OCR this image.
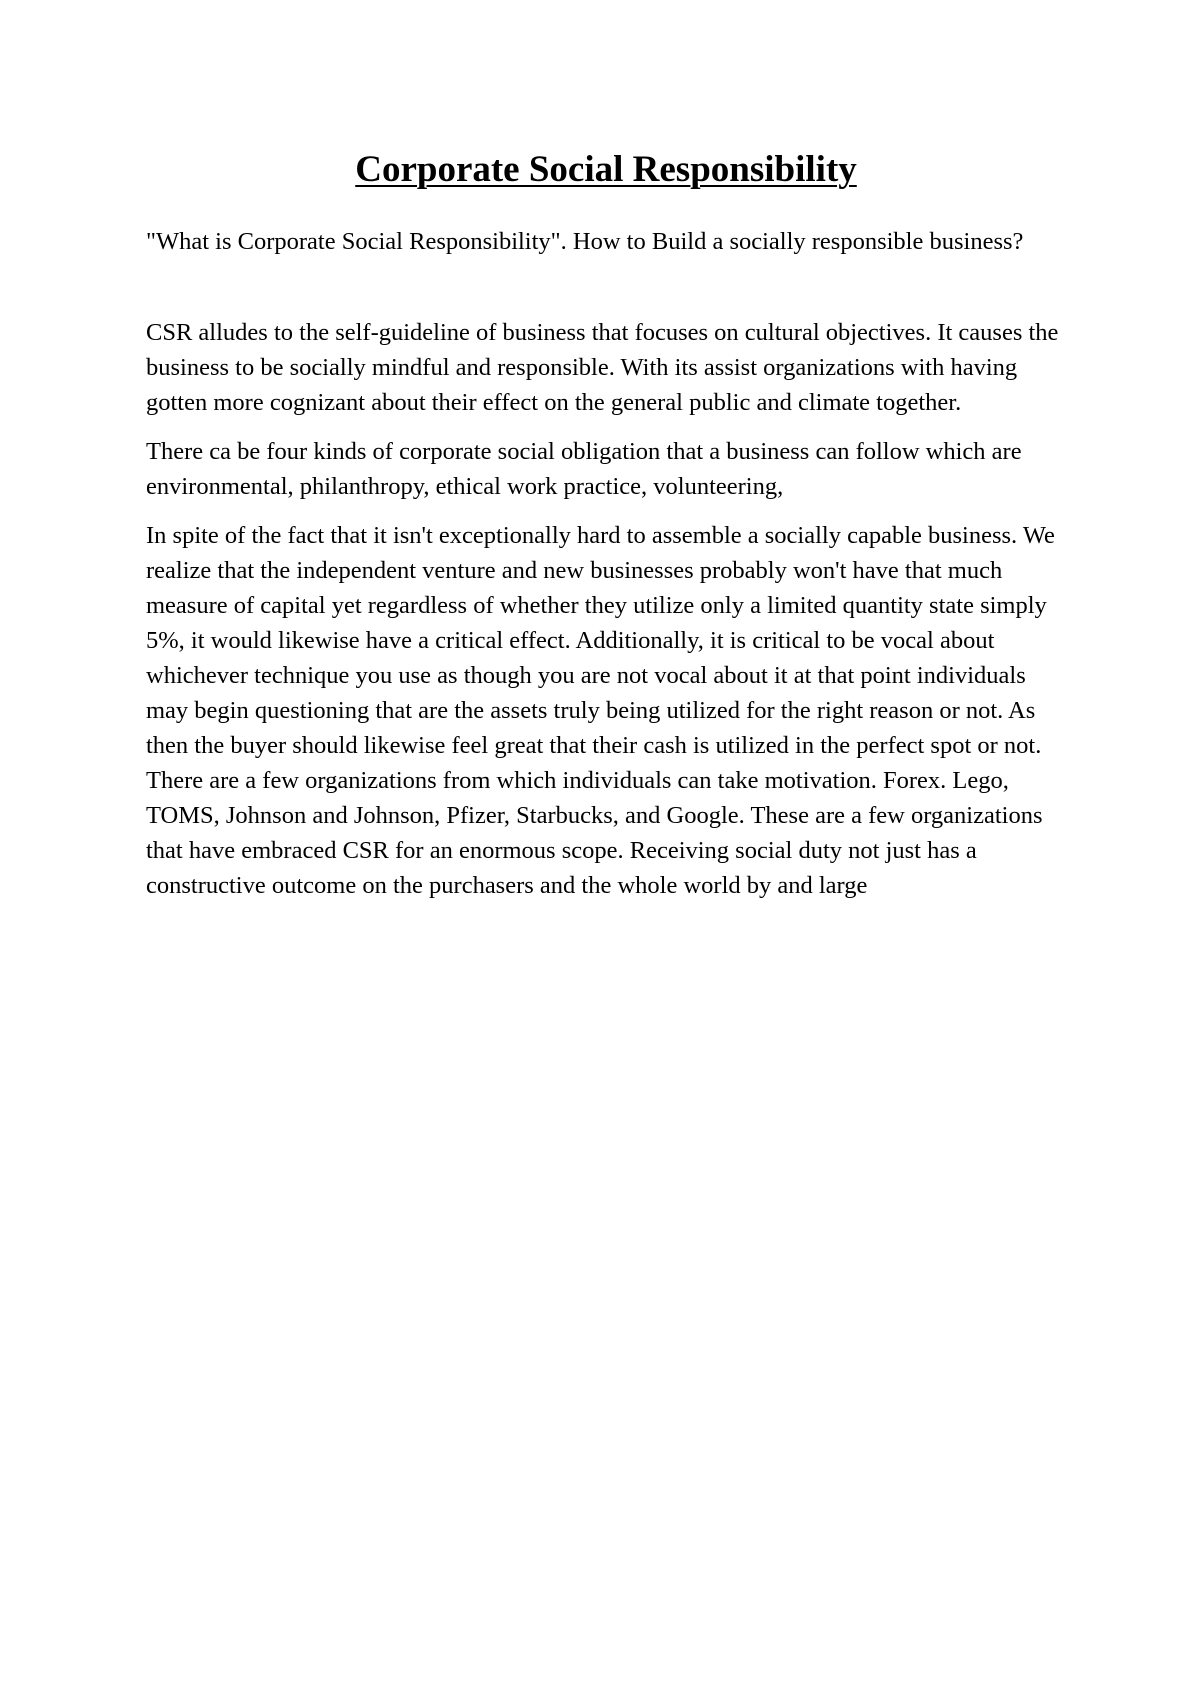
Corporate Social Responsibility

"What is Corporate Social Responsibility". How to Build a socially responsible business?

CSR alludes to the self-guideline of business that focuses on cultural objectives. It causes the business to be socially mindful and responsible. With its assist organizations with having gotten more cognizant about their effect on the general public and climate together.

There ca be four kinds of corporate social obligation that a business can follow which are environmental, philanthropy, ethical work practice, volunteering,

In spite of the fact that it isn't exceptionally hard to assemble a socially capable business. We realize that the independent venture and new businesses probably won't have that much measure of capital yet regardless of whether they utilize only a limited quantity state simply 5%, it would likewise have a critical effect. Additionally, it is critical to be vocal about whichever technique you use as though you are not vocal about it at that point individuals may begin questioning that are the assets truly being utilized for the right reason or not. As then the buyer should likewise feel great that their cash is utilized in the perfect spot or not. There are a few organizations from which individuals can take motivation. Forex. Lego, TOMS, Johnson and Johnson, Pfizer, Starbucks, and Google. These are a few organizations that have embraced CSR for an enormous scope. Receiving social duty not just has a constructive outcome on the purchasers and the whole world by and large
